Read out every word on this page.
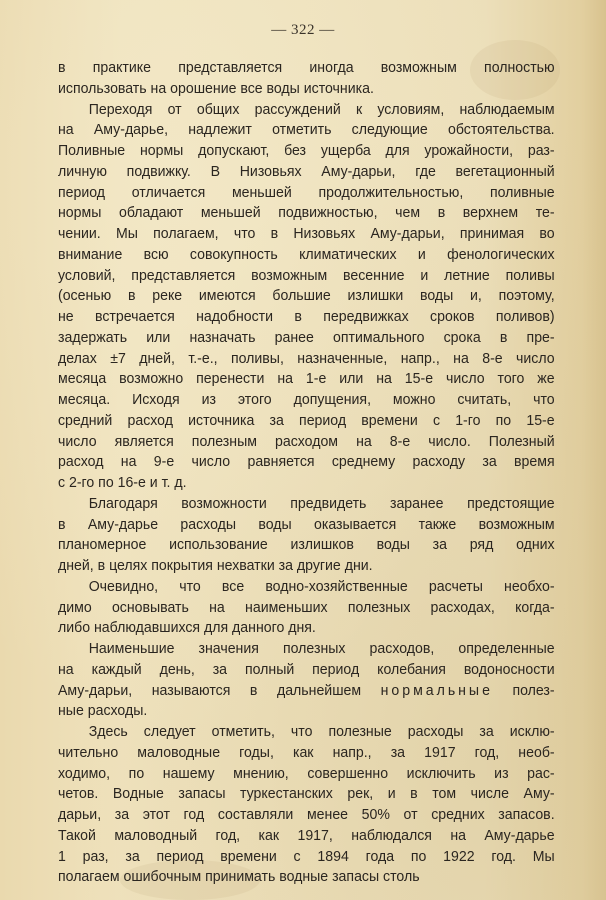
— 322 —
в практике представляется иногда возможным полностью
использовать на орошение все воды источника.
Переходя от общих рассуждений к условиям, наблюдаемым
на Аму-дарье, надлежит отметить следующие обстоятельства.
Поливные нормы допускают, без ущерба для урожайности, раз-
личную подвижку. В Низовьях Аму-дарьи, где вегетационный
период отличается меньшей продолжительностью, поливные
нормы обладают меньшей подвижностью, чем в верхнем те-
чении. Мы полагаем, что в Низовьях Аму-дарьи, принимая во
внимание всю совокупность климатических и фенологических
условий, представляется возможным весенние и летние поливы
(осенью в реке имеются большие излишки воды и, поэтому,
не встречается надобности в передвижках сроков поливов)
задержать или назначать ранее оптимального срока в пре-
делах ±7 дней, т.-е., поливы, назначенные, напр., на 8-е число
месяца возможно перенести на 1-е или на 15-е число того же
месяца. Исходя из этого допущения, можно считать, что
средний расход источника за период времени с 1-го по 15-е
число является полезным расходом на 8-е число. Полезный
расход на 9-е число равняется среднему расходу за время
с 2-го по 16-е и т. д.
Благодаря возможности предвидеть заранее предстоящие
в Аму-дарье расходы воды оказывается также возможным
планомерное использование излишков воды за ряд одних
дней, в целях покрытия нехватки за другие дни.
Очевидно, что все водно-хозяйственные расчеты необхо-
димо основывать на наименьших полезных расходах, когда-
либо наблюдавшихся для данного дня.
Наименьшие значения полезных расходов, определенные
на каждый день, за полный период колебания водоносности
Аму-дарьи, называются в дальнейшем нормальные полез-
ные расходы.
Здесь следует отметить, что полезные расходы за исклю-
чительно маловодные годы, как напр., за 1917 год, необ-
ходимо, по нашему мнению, совершенно исключить из рас-
четов. Водные запасы туркестанских рек, и в том числе Аму-
дарьи, за этот год составляли менее 50% от средних запасов.
Такой маловодный год, как 1917, наблюдался на Аму-дарье
1 раз, за период времени с 1894 года по 1922 год. Мы
полагаем ошибочным принимать водные запасы столь
